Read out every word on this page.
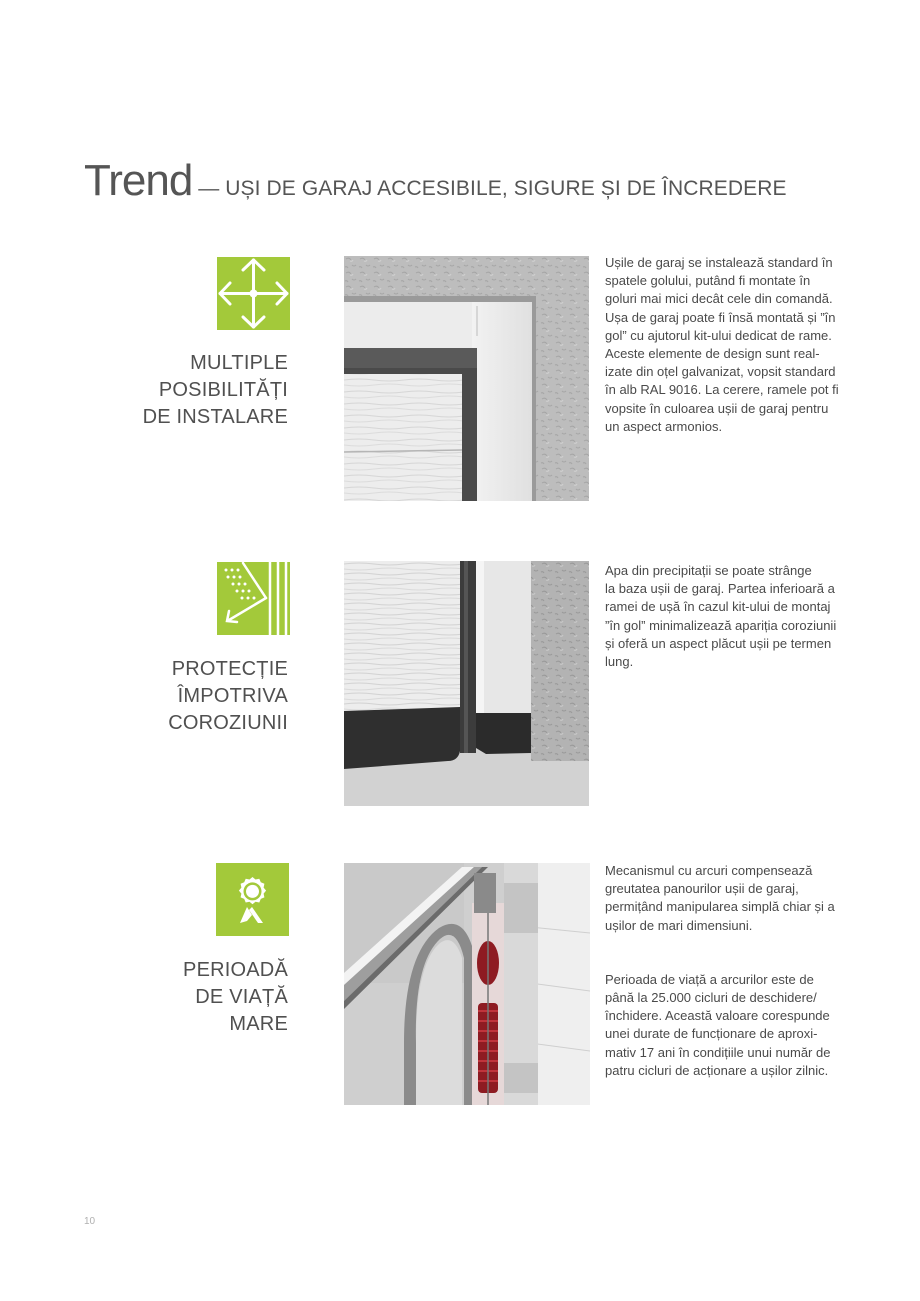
Trend — UȘI DE GARAJ ACCESIBILE, SIGURE ȘI DE ÎNCREDERE
MULTIPLE
POSIBILITĂȚI
DE INSTALARE

Ușile de garaj se instalează standard în

spatele golului, putând fi montate în

goluri mai mici decât cele din comandă.

Ușa de garaj poate fi însă montată și ”în

gol” cu ajutorul kit-ului dedicat de rame.

Aceste elemente de design sunt real-

izate din oțel galvanizat, vopsit standard

în alb RAL 9016. La cerere, ramele pot fi

vopsite în culoarea ușii de garaj pentru

un aspect armonios.

PROTECȚIE
ÎMPOTRIVA
COROZIUNII

Apa din precipitații se poate strânge

la baza ușii de garaj. Partea inferioară a

ramei de ușă în cazul kit-ului de montaj

”în gol” minimalizează apariția coroziunii

și oferă un aspect plăcut ușii pe termen

lung.

PERIOADĂ
DE VIAȚĂ
MARE

Mecanismul cu arcuri compensează

greutatea panourilor ușii de garaj,

permițând manipularea simplă chiar și a

ușilor de mari dimensiuni.

Perioada de viață a arcurilor este de

până la 25.000 cicluri de deschidere/

închidere. Această valoare corespunde

unei durate de funcționare de aproxi-

mativ 17 ani în condițiile unui număr de

patru cicluri de acționare a ușilor zilnic.

10
